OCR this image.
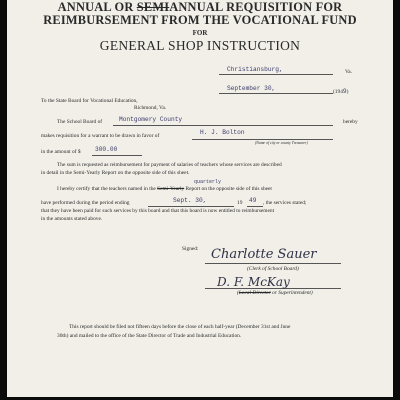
ANNUAL OR SEMIANNUAL REQUISITION FOR
REIMBURSEMENT FROM THE VOCATIONAL FUND
FOR
GENERAL SHOP INSTRUCTION
Christiansburg,	Va.
September 30,	(1949)
To the State Board for Vocational Education,
Richmond, Va.
The School Board of	Montgomery County	hereby
makes requisition for a warrant to be drawn in favor of	H. J. Bolton
(Name of city or county Treasurer)
in the amount of $ 300.00
The sum is requested as reimbursement for payment of salaries of teachers whose services are described
in detail in the Semi-Yearly Report on the opposite side of this sheet.
I hereby certify that the teachers named in the Semi-Yearly Report on the opposite side of this sheet
quarterly
have performed during the period ending	Sept. 30,	19 49 , the services stated;
that they have been paid for such services by this board and that this board is now entitled to reimbursement
in the amounts stated above.
Signed: Charlotte Sauer
(Clerk of School Board)
D. F. McKay
(Local Director or Superintendent)
This report should be filed not fifteen days before the close of each half-year (December 31st and June
30th) and mailed to the office of the State Director of Trade and Industrial Education.
